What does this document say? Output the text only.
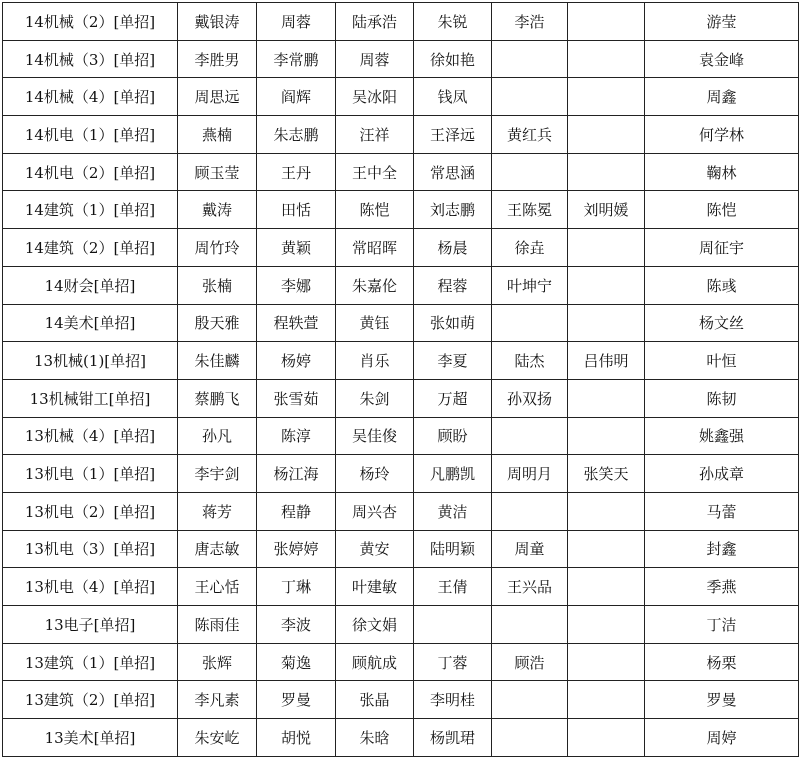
14机械（2）[单招]	戴银涛	周蓉	陆承浩	朱锐	李浩		游莹
14机械（3）[单招]	李胜男	李常鹏	周蓉	徐如艳			袁金峰
14机械（4）[单招]	周思远	阎辉	吴冰阳	钱凤			周鑫
14机电（1）[单招]	燕楠	朱志鹏	汪祥	王泽远	黄红兵		何学林
14机电（2）[单招]	顾玉莹	王丹	王中全	常思涵			鞠林
14建筑（1）[单招]	戴涛	田恬	陈恺	刘志鹏	王陈冕	刘明媛	陈恺
14建筑（2）[单招]	周竹玲	黄颖	常昭晖	杨晨	徐垚		周征宇
14财会[单招]	张楠	李娜	朱嘉伦	程蓉	叶坤宁		陈彧
14美术[单招]	殷天雅	程轶萱	黄钰	张如萌			杨文丝
13机械(1)[单招]	朱佳麟	杨婷	肖乐	李夏	陆杰	吕伟明	叶恒
13机械钳工[单招]	蔡鹏飞	张雪茹	朱剑	万超	孙双扬		陈韧
13机械（4）[单招]	孙凡	陈淳	吴佳俊	顾盼			姚鑫强
13机电（1）[单招]	李宇剑	杨江海	杨玲	凡鹏凯	周明月	张笑天	孙成章
13机电（2）[单招]	蒋芳	程静	周兴杏	黄洁			马蕾
13机电（3）[单招]	唐志敏	张婷婷	黄安	陆明颖	周童		封鑫
13机电（4）[单招]	王心恬	丁琳	叶建敏	王倩	王兴品		季燕
13电子[单招]	陈雨佳	李波	徐文娟				丁洁
13建筑（1）[单招]	张辉	菊逸	顾航成	丁蓉	顾浩		杨栗
13建筑（2）[单招]	李凡素	罗曼	张晶	李明桂			罗曼
13美术[单招]	朱安屹	胡悦	朱晗	杨凯珺			周婷
